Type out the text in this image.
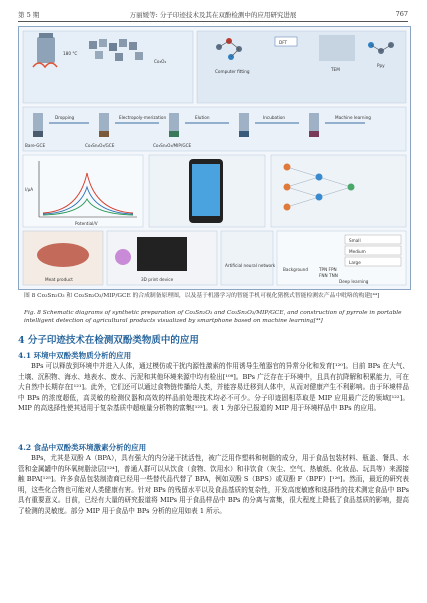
第 5 期	万丽媛等: 分子印迹技术及其在双酚检测中的应用研究进展	767
180 °C
Co₃O₄
Computer fitting
DFT
TEM
Ppy
Bare-GCE
Dropping
Co₃Sn₂O₃/GCE
Electropoly-merization
Co₃Sn₂O₃/MIP/GCE
Elution	Incubation	Machine learning
Potential/V
I/μA
Meat product	3D print device
Artificial neural network
Small
Medium
Large
Background	TPN FPN
FNN TNN
Deep learning
图 8 Co₃Sn₂O₃ 和 Co₃Sn₂O₃/MIP/GCE 的合成制备原理图，以及基于机器学习的智能手机可视化猪携式智能检测农产品中吡咯的构建[⁴⁴]
Fig. 8 Schematic diagrams of synthetic preparation of Co₃Sn₂O₃ and Co₃Sn₂O₃/MIP/GCE, and construction of pyrrole in portable intelligent detection of agricultural products visualized by smartphone based on machine learning[⁴⁴]
4 分子印迹技术在检测双酚类物质中的应用
4.1 环境中双酚类物质分析的应用

BPs 可以释放到环境中并进入人体，通过模仿或干扰内源性激素的作用诱导生殖器官的异常分化和发育[¹²⁰]。目前 BPs 在大气、土壤、沉积物、海水、地表水、废水、污泥和其他环境来源中均有检出[¹⁰⁸]。BPs 广泛存在于环境中，且具有抗降解和积累能力，可在大自然中长期存在[¹²¹]。此外，它们还可以通过食物链传播给人类，并能容易迁移到人体中，从而对健康产生不利影响。由于环境样品中 BPs 的浓度超低，高灵敏的检测仪器和高效的样品前处理技术均必不可少。分子印迹固相萃取是 MIP 应用最广泛的领域[¹²²]。MIP 的高选择性使其适用于复杂基质中超痕量分析物的富集[¹²³]。表 1 为部分已报道的 MIP 用于环境样品中 BPs 的应用。

4.2 食品中双酚类环境激素分析的应用

BPs，尤其是双酚 A（BPA），具有强大的内分泌干扰活性，被广泛用作塑料和树脂的成分，用于食品包装材料、瓶盖、餐具、水管和金属罐中的环氧树脂涂层[¹²⁴]，普通人群可以从饮食（食物、饮用水）和非饮食（灰尘、空气、热敏纸、化妆品、玩具等）来源接触 BPA[¹²⁵]。许多食品包装制造商已经用一些替代品代替了 BPA，例如双酚 S（BPS）或双酚 F（BPF）[¹²⁶]。然而，最近的研究表明，这些化合物也可能对人类健康有害。针对 BPs 的残留水平以及食品基质的复杂性，开发高度敏感和选择性的技术测定食品中 BPs 具有重要意义。目前，已经有大量的研究报道将 MIPs 用于食品样品中 BPs 的分离与富集，很大程度上降低了食品基质的影响，提高了检测的灵敏度。部分 MIP 用于食品中 BPs 分析的应用如表 1 所示。
